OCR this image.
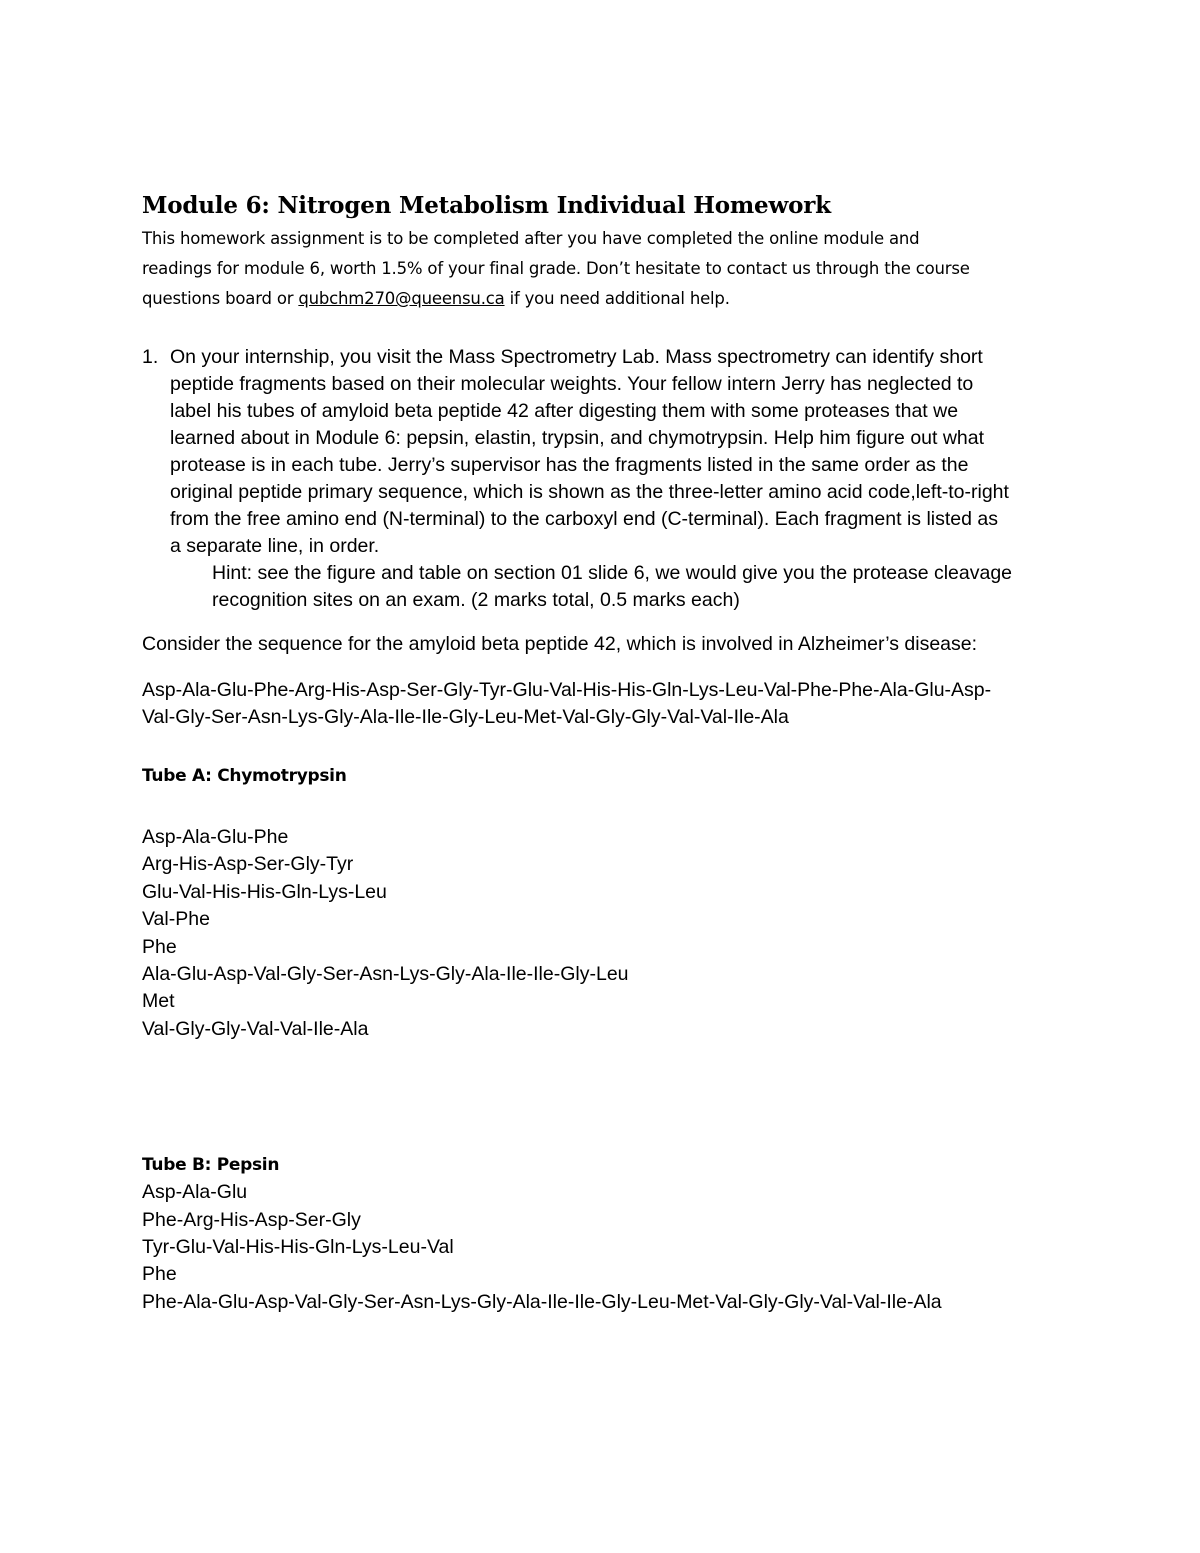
Module 6: Nitrogen Metabolism Individual Homework
This homework assignment is to be completed after you have completed the online module and
readings for module 6, worth 1.5% of your final grade. Don’t hesitate to contact us through the course
questions board or qubchm270@queensu.ca if you need additional help.
1. On your internship, you visit the Mass Spectrometry Lab. Mass spectrometry can identify short
peptide fragments based on their molecular weights. Your fellow intern Jerry has neglected to
label his tubes of amyloid beta peptide 42 after digesting them with some proteases that we
learned about in Module 6: pepsin, elastin, trypsin, and chymotrypsin. Help him figure out what
protease is in each tube. Jerry’s supervisor has the fragments listed in the same order as the
original peptide primary sequence, which is shown as the three-letter amino acid code,left-to-right
from the free amino end (N-terminal) to the carboxyl end (C-terminal). Each fragment is listed as
a separate line, in order.
Hint: see the figure and table on section 01 slide 6, we would give you the protease cleavage
recognition sites on an exam. (2 marks total, 0.5 marks each)

Consider the sequence for the amyloid beta peptide 42, which is involved in Alzheimer’s disease:

Asp-Ala-Glu-Phe-Arg-His-Asp-Ser-Gly-Tyr-Glu-Val-His-His-Gln-Lys-Leu-Val-Phe-Phe-Ala-Glu-Asp-
Val-Gly-Ser-Asn-Lys-Gly-Ala-Ile-Ile-Gly-Leu-Met-Val-Gly-Gly-Val-Val-Ile-Ala
Tube A: Chymotrypsin
Asp-Ala-Glu-Phe
Arg-His-Asp-Ser-Gly-Tyr
Glu-Val-His-His-Gln-Lys-Leu
Val-Phe
Phe
Ala-Glu-Asp-Val-Gly-Ser-Asn-Lys-Gly-Ala-Ile-Ile-Gly-Leu
Met
Val-Gly-Gly-Val-Val-Ile-Ala
Tube B: Pepsin
Asp-Ala-Glu
Phe-Arg-His-Asp-Ser-Gly
Tyr-Glu-Val-His-His-Gln-Lys-Leu-Val
Phe
Phe-Ala-Glu-Asp-Val-Gly-Ser-Asn-Lys-Gly-Ala-Ile-Ile-Gly-Leu-Met-Val-Gly-Gly-Val-Val-Ile-Ala
